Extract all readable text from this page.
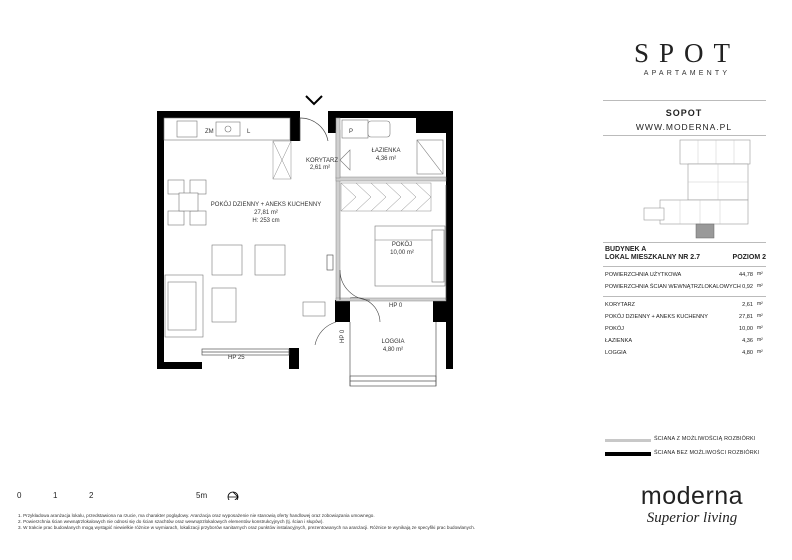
ZM	L	P
POKÓJ DZIENNY + ANEKS KUCHENNY
27,81 m²
H: 253 cm
KORYTARZ
2,61 m²
ŁAZIENKA
4,36 m²
POKÓJ
10,00 m²
LOGGIA
4,80 m²
HP 0
HP 0
HP 25
0	1	2	5m
1. Przykładowa aranżacja lokalu, przedstawiona na rzucie, ma charakter poglądowy. Aranżacja oraz wyposażenie nie stanowią oferty handlowej oraz zobowiązania umownego.
2. Powierzchnia ścian wewnątrzlokalowych nie odnosi się do ścian szachtów oraz wewnątrzlokalowych elementów konstrukcyjnych (tj. ścian i słupów).
3. W trakcie prac budowlanych mogą wystąpić niewielkie różnice w wymiarach, lokalizacji przyborów sanitarnych oraz punktów instalacyjnych, prezentowanych na aranżacji. Różnice te wynikają ze specyfiki prac budowlanych.
SPOT
APARTAMENTY
SOPOT
WWW.MODERNA.PL
BUDYNEK A
LOKAL MIESZKALNY NR 2.7	POZIOM 2
POWIERZCHNIA UŻYTKOWA	44,78 m²
POWIERZCHNIA ŚCIAN WEWNĄTRZLOKALOWYCH 0,92 m²
KORYTARZ	2,61 m²
POKÓJ DZIENNY + ANEKS KUCHENNY	27,81 m²
POKÓJ	10,00 m²
ŁAZIENKA	4,36 m²
LOGGIA	4,80 m²
ŚCIANA Z MOŻLIWOŚCIĄ ROZBIÓRKI
ŚCIANA BEZ MOŻLIWOŚCI ROZBIÓRKI
moderna
Superior living
